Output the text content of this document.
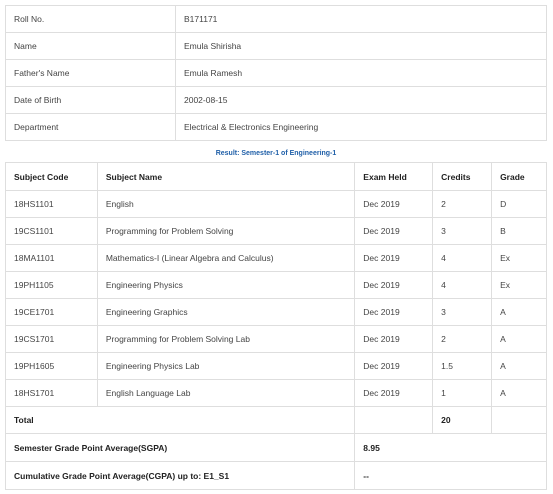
Roll No.	B171171
Name	Emula Shirisha
Father's Name	Emula Ramesh
Date of Birth	2002-08-15
Department	Electrical & Electronics Engineering
Result: Semester-1 of Engineering-1
Subject Code	Subject Name	Exam Held	Credits	Grade
18HS1101	English	Dec 2019	2	D
19CS1101	Programming for Problem Solving	Dec 2019	3	B
18MA1101	Mathematics-I (Linear Algebra and Calculus)	Dec 2019	4	Ex
19PH1105	Engineering Physics	Dec 2019	4	Ex
19CE1701	Engineering Graphics	Dec 2019	3	A
19CS1701	Programming for Problem Solving Lab	Dec 2019	2	A
19PH1605	Engineering Physics Lab	Dec 2019	1.5	A
18HS1701	English Language Lab	Dec 2019	1	A
Total			20	
Semester Grade Point Average(SGPA)		8.95		
Cumulative Grade Point Average(CGPA) up to: E1_S1		--		
